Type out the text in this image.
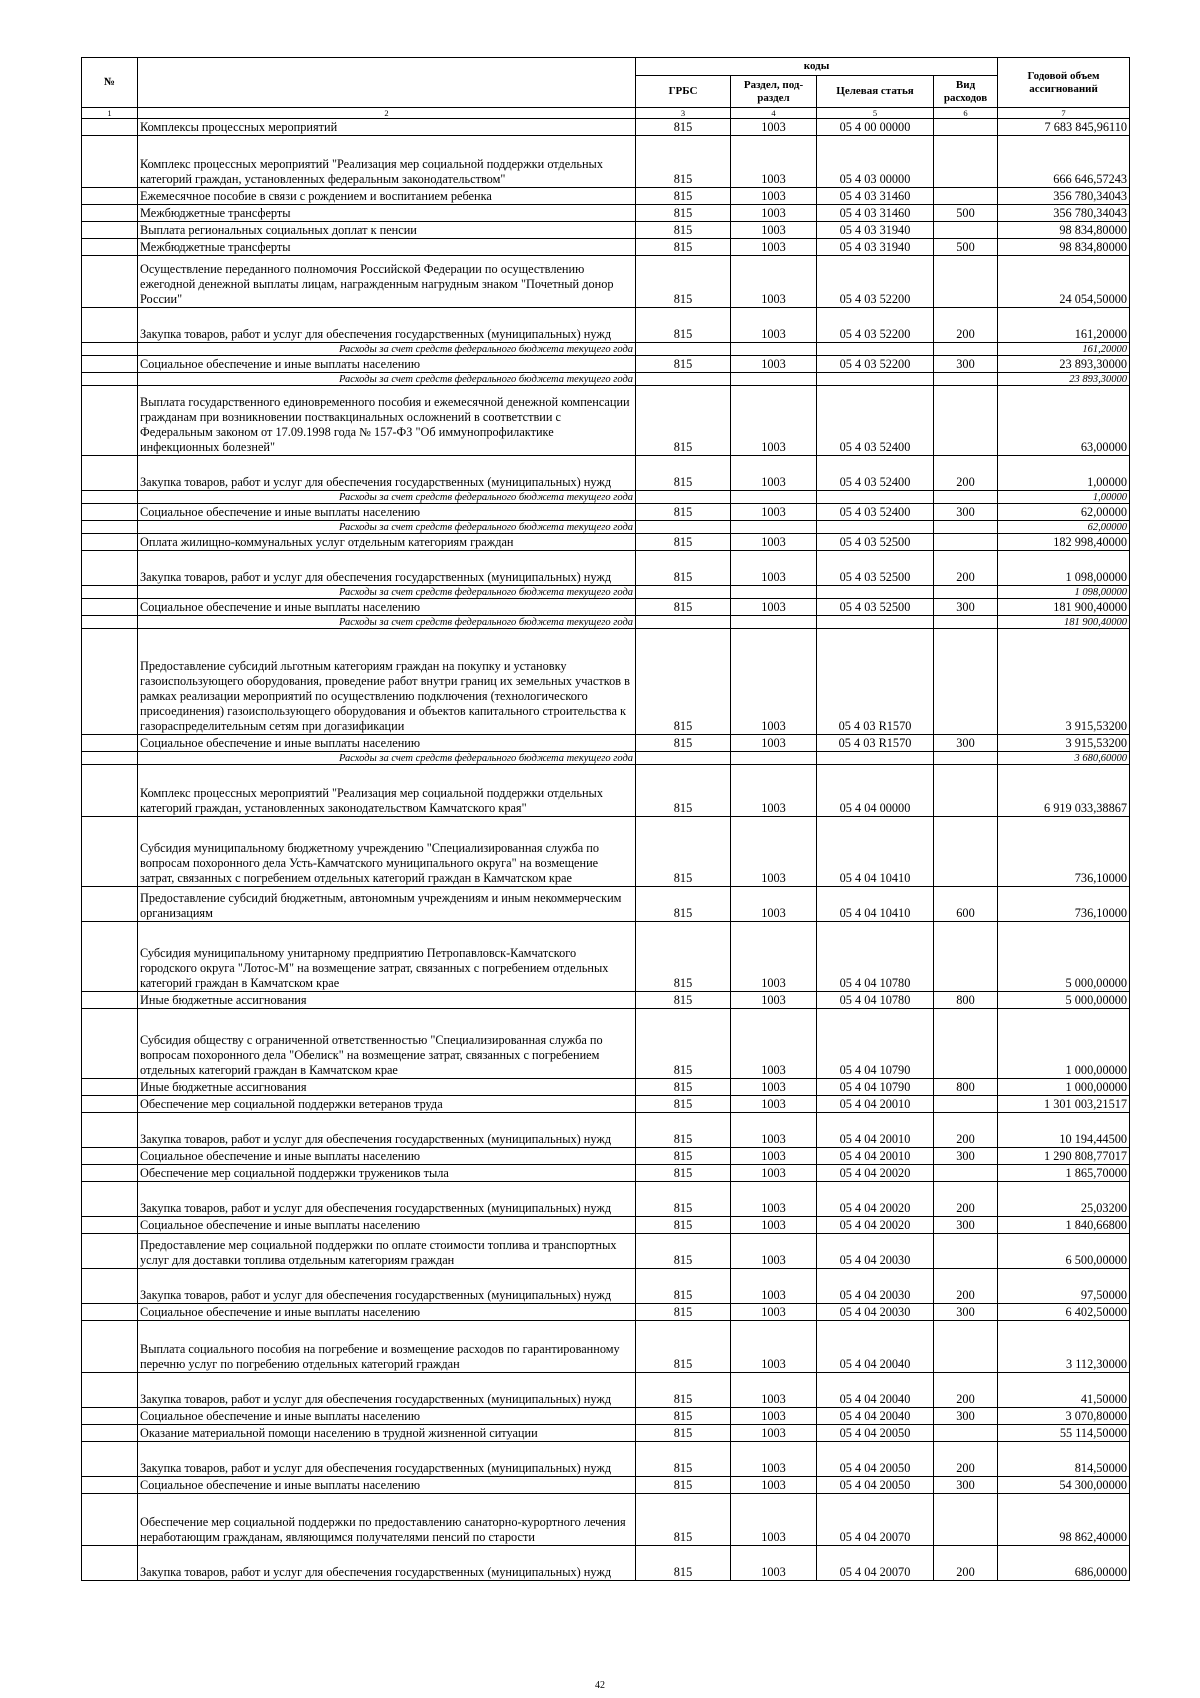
№		коды				Годовой объем ассигнований
		ГРБС	Раздел, под-раздел	Целевая статья	Вид расходов	
1	2	3	4	5	6	7
	Комплексы процессных мероприятий	815	1003	05 4 00 00000		7 683 845,96110
	Комплекс процессных мероприятий "Реализация мер социальной поддержки отдельных категорий граждан, установленных федеральным законодательством"	815	1003	05 4 03 00000		666 646,57243
	Ежемесячное пособие в связи с рождением и воспитанием ребенка	815	1003	05 4 03 31460		356 780,34043
	Межбюджетные трансферты	815	1003	05 4 03 31460	500	356 780,34043
	Выплата региональных социальных доплат к пенсии	815	1003	05 4 03 31940		98 834,80000
	Межбюджетные трансферты	815	1003	05 4 03 31940	500	98 834,80000
	Осуществление переданного полномочия Российской Федерации по осуществлению ежегодной денежной выплаты лицам, награжденным нагрудным знаком "Почетный донор России"	815	1003	05 4 03 52200		24 054,50000
	Закупка товаров, работ и услуг для обеспечения государственных (муниципальных) нужд	815	1003	05 4 03 52200	200	161,20000
	Расходы за счет средств федерального бюджета текущего года					161,20000
	Социальное обеспечение и иные выплаты населению	815	1003	05 4 03 52200	300	23 893,30000
	Расходы за счет средств федерального бюджета текущего года					23 893,30000
	Выплата государственного единовременного пособия и ежемесячной денежной компенсации гражданам при возникновении поствакцинальных осложнений в соответствии с Федеральным законом от 17.09.1998 года № 157-ФЗ "Об иммунопрофилактике инфекционных болезней"	815	1003	05 4 03 52400		63,00000
	Закупка товаров, работ и услуг для обеспечения государственных (муниципальных) нужд	815	1003	05 4 03 52400	200	1,00000
	Расходы за счет средств федерального бюджета текущего года					1,00000
	Социальное обеспечение и иные выплаты населению	815	1003	05 4 03 52400	300	62,00000
	Расходы за счет средств федерального бюджета текущего года					62,00000
	Оплата жилищно-коммунальных услуг отдельным категориям граждан	815	1003	05 4 03 52500		182 998,40000
	Закупка товаров, работ и услуг для обеспечения государственных (муниципальных) нужд	815	1003	05 4 03 52500	200	1 098,00000
	Расходы за счет средств федерального бюджета текущего года					1 098,00000
	Социальное обеспечение и иные выплаты населению	815	1003	05 4 03 52500	300	181 900,40000
	Расходы за счет средств федерального бюджета текущего года					181 900,40000
	Предоставление субсидий льготным категориям граждан на покупку и установку газоиспользующего оборудования, проведение работ внутри границ их земельных участков в рамках реализации мероприятий по осуществлению подключения (технологического присоединения) газоиспользующего оборудования и объектов капитального строительства к газораспределительным сетям при догазификации	815	1003	05 4 03 R1570		3 915,53200
	Социальное обеспечение и иные выплаты населению	815	1003	05 4 03 R1570	300	3 915,53200
	Расходы за счет средств федерального бюджета текущего года					3 680,60000
	Комплекс процессных мероприятий "Реализация мер социальной поддержки отдельных категорий граждан, установленных законодательством Камчатского края"	815	1003	05 4 04 00000		6 919 033,38867
	Субсидия муниципальному бюджетному учреждению "Специализированная служба по вопросам похоронного дела Усть-Камчатского муниципального округа" на возмещение затрат, связанных с погребением отдельных категорий граждан в Камчатском крае	815	1003	05 4 04 10410		736,10000
	Предоставление субсидий бюджетным, автономным учреждениям и иным некоммерческим организациям	815	1003	05 4 04 10410	600	736,10000
	Субсидия муниципальному унитарному предприятию Петропавловск-Камчатского городского округа "Лотос-М" на возмещение затрат, связанных с погребением отдельных категорий граждан в Камчатском крае	815	1003	05 4 04 10780		5 000,00000
	Иные бюджетные ассигнования	815	1003	05 4 04 10780	800	5 000,00000
	Субсидия обществу с ограниченной ответственностью "Специализированная служба по вопросам похоронного дела "Обелиск" на возмещение затрат, связанных с погребением отдельных категорий граждан в Камчатском крае	815	1003	05 4 04 10790		1 000,00000
	Иные бюджетные ассигнования	815	1003	05 4 04 10790	800	1 000,00000
	Обеспечение мер социальной поддержки ветеранов труда	815	1003	05 4 04 20010		1 301 003,21517
	Закупка товаров, работ и услуг для обеспечения государственных (муниципальных) нужд	815	1003	05 4 04 20010	200	10 194,44500
	Социальное обеспечение и иные выплаты населению	815	1003	05 4 04 20010	300	1 290 808,77017
	Обеспечение мер социальной поддержки тружеников тыла	815	1003	05 4 04 20020		1 865,70000
	Закупка товаров, работ и услуг для обеспечения государственных (муниципальных) нужд	815	1003	05 4 04 20020	200	25,03200
	Социальное обеспечение и иные выплаты населению	815	1003	05 4 04 20020	300	1 840,66800
	Предоставление мер социальной поддержки по оплате стоимости топлива и транспортных услуг для доставки топлива отдельным категориям граждан	815	1003	05 4 04 20030		6 500,00000
	Закупка товаров, работ и услуг для обеспечения государственных (муниципальных) нужд	815	1003	05 4 04 20030	200	97,50000
	Социальное обеспечение и иные выплаты населению	815	1003	05 4 04 20030	300	6 402,50000
	Выплата социального пособия на погребение и возмещение расходов по гарантированному перечню услуг по погребению отдельных категорий граждан	815	1003	05 4 04 20040		3 112,30000
	Закупка товаров, работ и услуг для обеспечения государственных (муниципальных) нужд	815	1003	05 4 04 20040	200	41,50000
	Социальное обеспечение и иные выплаты населению	815	1003	05 4 04 20040	300	3 070,80000
	Оказание материальной помощи населению в трудной жизненной ситуации	815	1003	05 4 04 20050		55 114,50000
	Закупка товаров, работ и услуг для обеспечения государственных (муниципальных) нужд	815	1003	05 4 04 20050	200	814,50000
	Социальное обеспечение и иные выплаты населению	815	1003	05 4 04 20050	300	54 300,00000
	Обеспечение мер социальной поддержки по предоставлению санаторно-курортного лечения неработающим гражданам, являющимся получателями пенсий по старости	815	1003	05 4 04 20070		98 862,40000
	Закупка товаров, работ и услуг для обеспечения государственных (муниципальных) нужд	815	1003	05 4 04 20070	200	686,00000
42
